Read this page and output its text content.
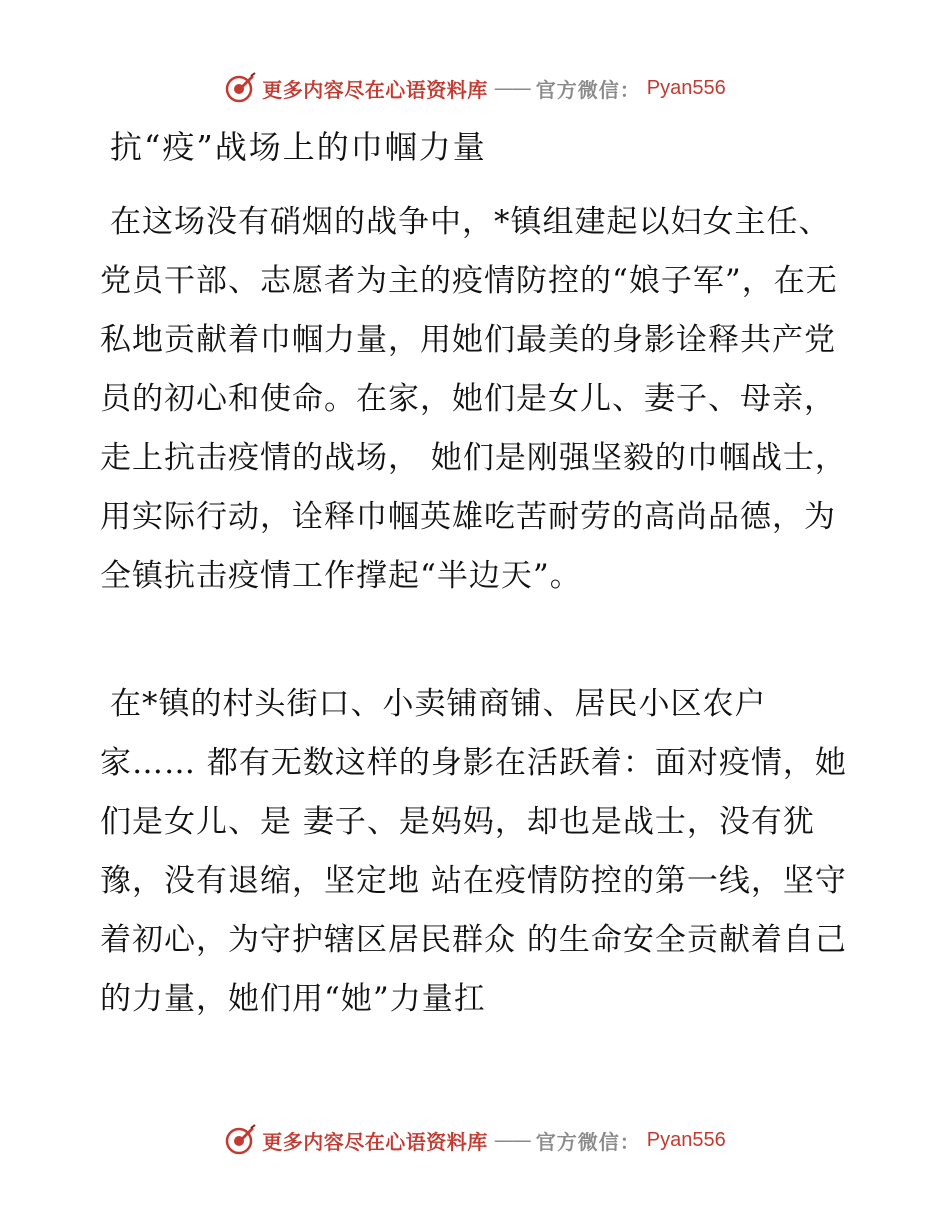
更多内容尽在心语资料库 —— 官方微信： Pyan556
抗“疫”战场上的巾帼力量

在这场没有硝烟的战争中，*镇组建起以妇女主任、党员干部、志愿者为主的疫情防控的“娘子军”，在无私地贡献着巾帼力量，用她们最美的身影诠释共产党员的初心和使命。在家，她们是女儿、妻子、母亲，走上抗击疫情的战场， 她们是刚强坚毅的巾帼战士，用实际行动，诠释巾帼英雄吃苦耐劳的高尚品德，为全镇抗击疫情工作撑起“半边天”。

在*镇的村头街口、小卖铺商铺、居民小区农户家…… 都有无数这样的身影在活跃着：面对疫情，她们是女儿、是 妻子、是妈妈，却也是战士，没有犹豫，没有退缩，坚定地 站在疫情防控的第一线，坚守着初心，为守护辖区居民群众 的生命安全贡献着自己的力量，她们用“她”力量扛

更多内容尽在心语资料库 —— 官方微信： Pyan556
